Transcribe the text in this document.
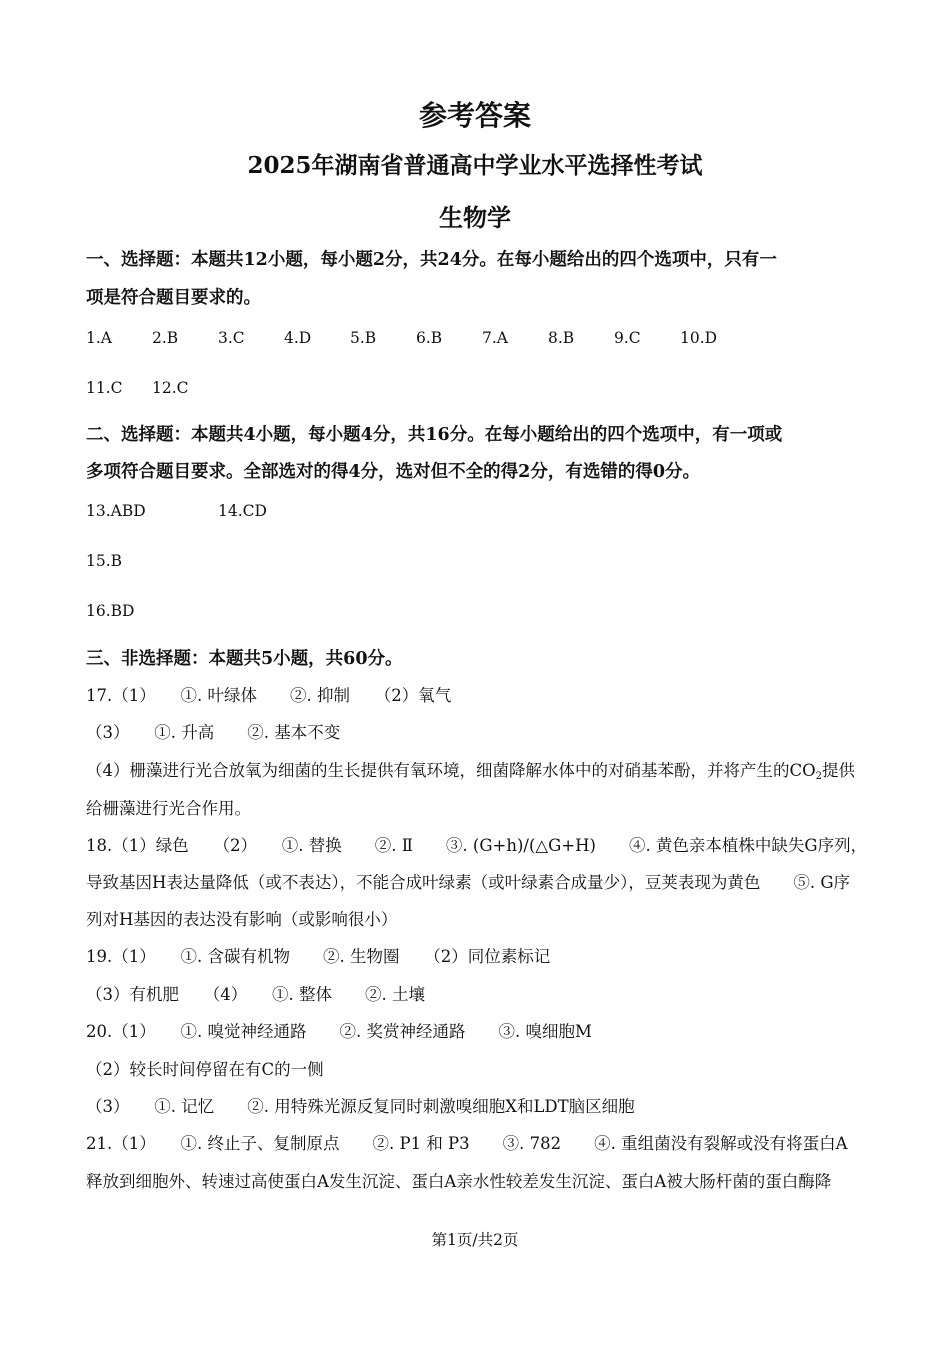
参考答案
2025年湖南省普通高中学业水平选择性考试
生物学
一、选择题：本题共12小题，每小题2分，共24分。在每小题给出的四个选项中，只有一
项是符合题目要求的。
1.A	2.B	3.C	4.D	5.B	6.B	7.A	8.B	9.C	10.D
11.C 12.C
二、选择题：本题共4小题，每小题4分，共16分。在每小题给出的四个选项中，有一项或
多项符合题目要求。全部选对的得4分，选对但不全的得2分，有选错的得0分。
13.ABD	14.CD
15.B
16.BD
三、非选择题：本题共5小题，共60分。
17.（1）　　①. 叶绿体　　②. 抑制　　（2）氧气
（3）　　①. 升高　　②. 基本不变
（4）栅藻进行光合放氧为细菌的生长提供有氧环境，细菌降解水体中的对硝基苯酚，并将产生的$CO_2$提供
给栅藻进行光合作用。
18.（1）绿色　　（2）　　①. 替换　　②. Ⅱ　　③. (G+h)/(△G+H)　　④. 黄色亲本植株中缺失G序列，
导致基因H表达量降低（或不表达），不能合成叶绿素（或叶绿素合成量少），豆荚表现为黄色　　⑤. G序
列对H基因的表达没有影响（或影响很小）
19.（1）　　①. 含碳有机物　　②. 生物圈　　（2）同位素标记
（3）有机肥　　（4）　　①. 整体　　②. 土壤
20.（1）　　①. 嗅觉神经通路　　②. 奖赏神经通路　　③. 嗅细胞M
（2）较长时间停留在有C的一侧
（3）　　①. 记忆　　②. 用特殊光源反复同时刺激嗅细胞X和LDT脑区细胞
21.（1）　　①. 终止子、复制原点　　②. P1 和 P3　　③. 782　　④. 重组菌没有裂解或没有将蛋白A
释放到细胞外、转速过高使蛋白A发生沉淀、蛋白A亲水性较差发生沉淀、蛋白A被大肠杆菌的蛋白酶降
第1页/共2页
